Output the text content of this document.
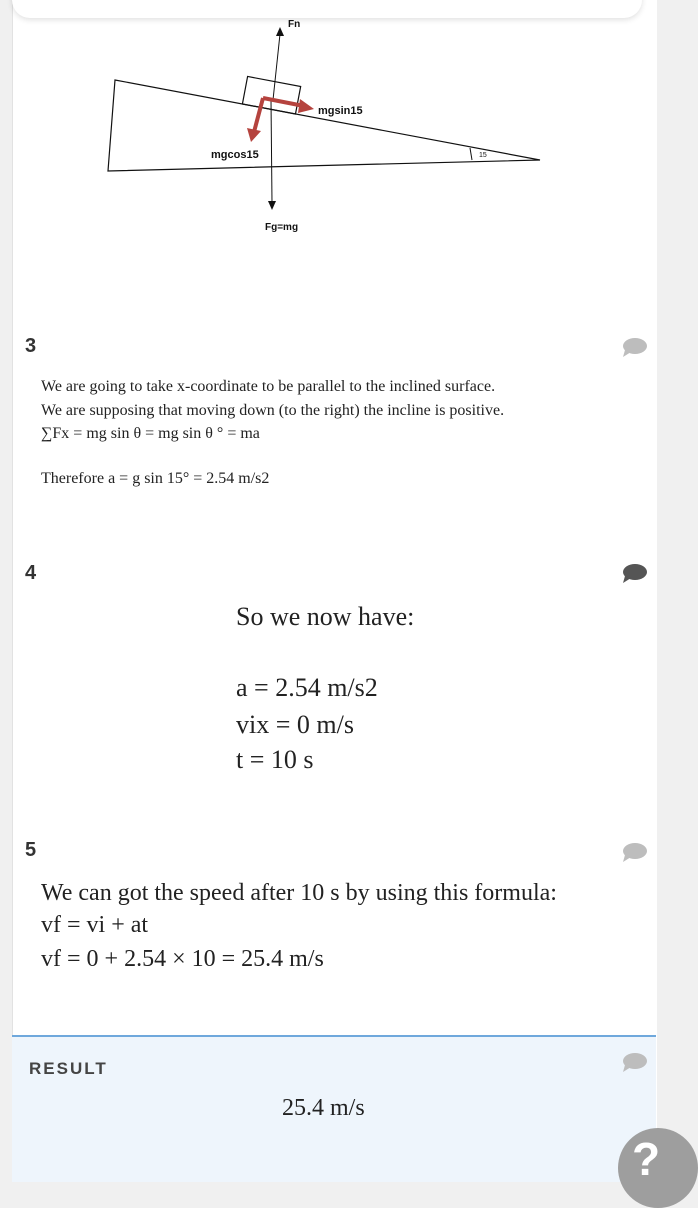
Fn
mgsin15
mgcos15	15
Fg=mg
3
We are going to take x-coordinate to be parallel to the inclined surface.
We are supposing that moving down (to the right) the incline is positive.
∑Fx = mg sin θ = mg sin θ ° = ma
Therefore a = g sin 15° = 2.54 m/s2
4
So we now have:
a = 2.54 m/s2
vix = 0 m/s
t = 10 s
5
We can got the speed after 10 s by using this formula:
vf = vi + at
vf = 0 + 2.54 × 10 = 25.4 m/s
RESULT
25.4 m/s
?
